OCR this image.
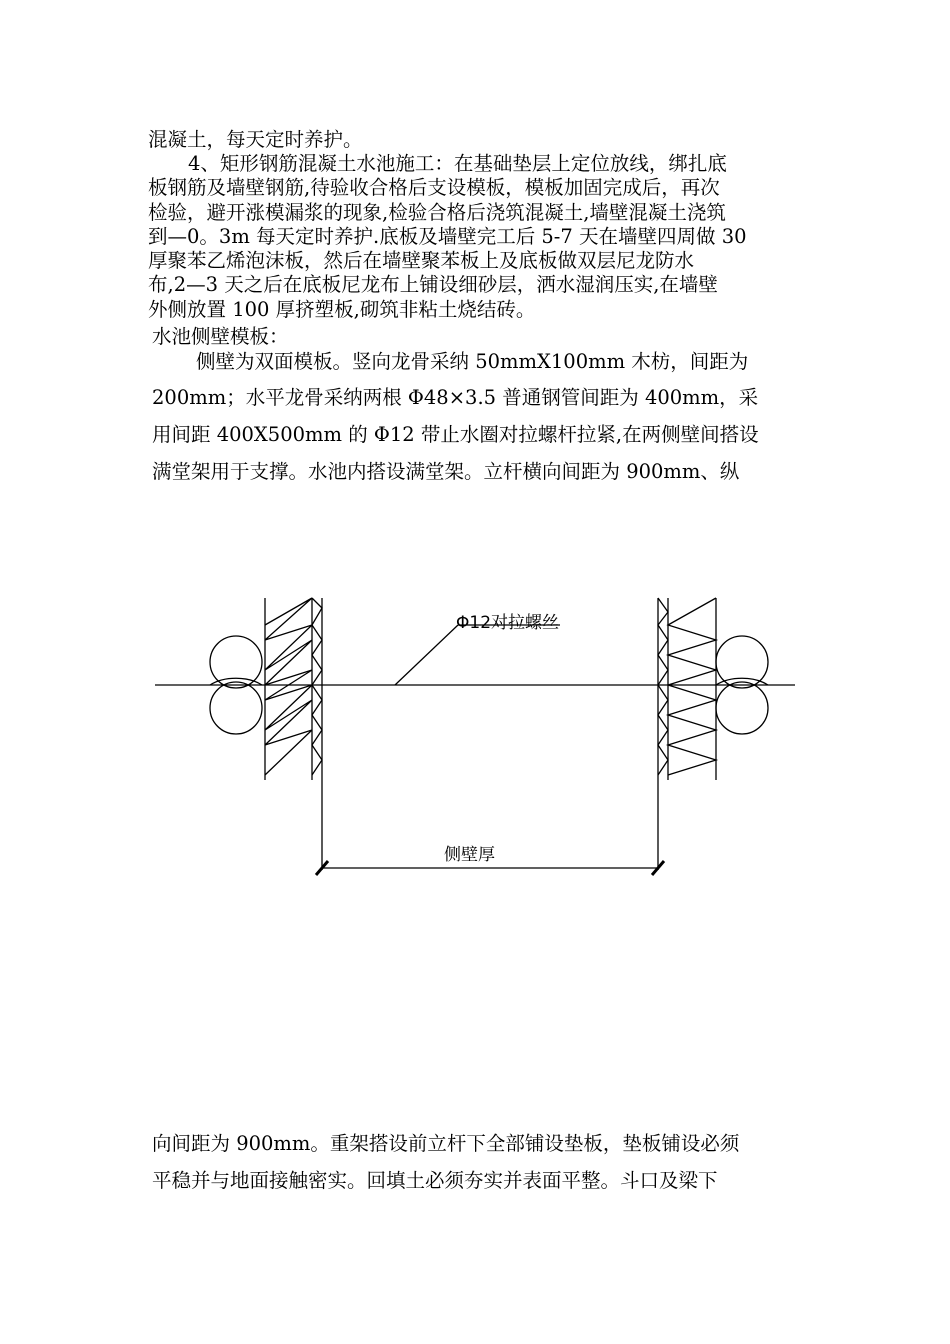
混凝土，每天定时养护。
4、矩形钢筋混凝土水池施工：在基础垫层上定位放线，绑扎底
板钢筋及墙壁钢筋,待验收合格后支设模板，模板加固完成后，再次
检验，避开涨模漏浆的现象,检验合格后浇筑混凝土,墙壁混凝土浇筑
到—0。3m 每天定时养护.底板及墙壁完工后 5-7 天在墙壁四周做 30
厚聚苯乙烯泡沫板，然后在墙壁聚苯板上及底板做双层尼龙防水
布,2—3 天之后在底板尼龙布上铺设细砂层，洒水湿润压实,在墙壁
外侧放置 100 厚挤塑板,砌筑非粘土烧结砖。
水池侧壁模板：
侧壁为双面模板。竖向龙骨采纳 50mmX100mm 木枋，间距为
200mm；水平龙骨采纳两根 Φ48×3.5 普通钢管间距为 400mm，采
用间距 400X500mm 的 Φ12 带止水圈对拉螺杆拉紧,在两侧壁间搭设
满堂架用于支撑。水池内搭设满堂架。立杆横向间距为 900mm、纵
Φ12对拉螺丝
侧壁厚
向间距为 900mm。重架搭设前立杆下全部铺设垫板，垫板铺设必须
平稳并与地面接触密实。回填土必须夯实并表面平整。斗口及梁下
